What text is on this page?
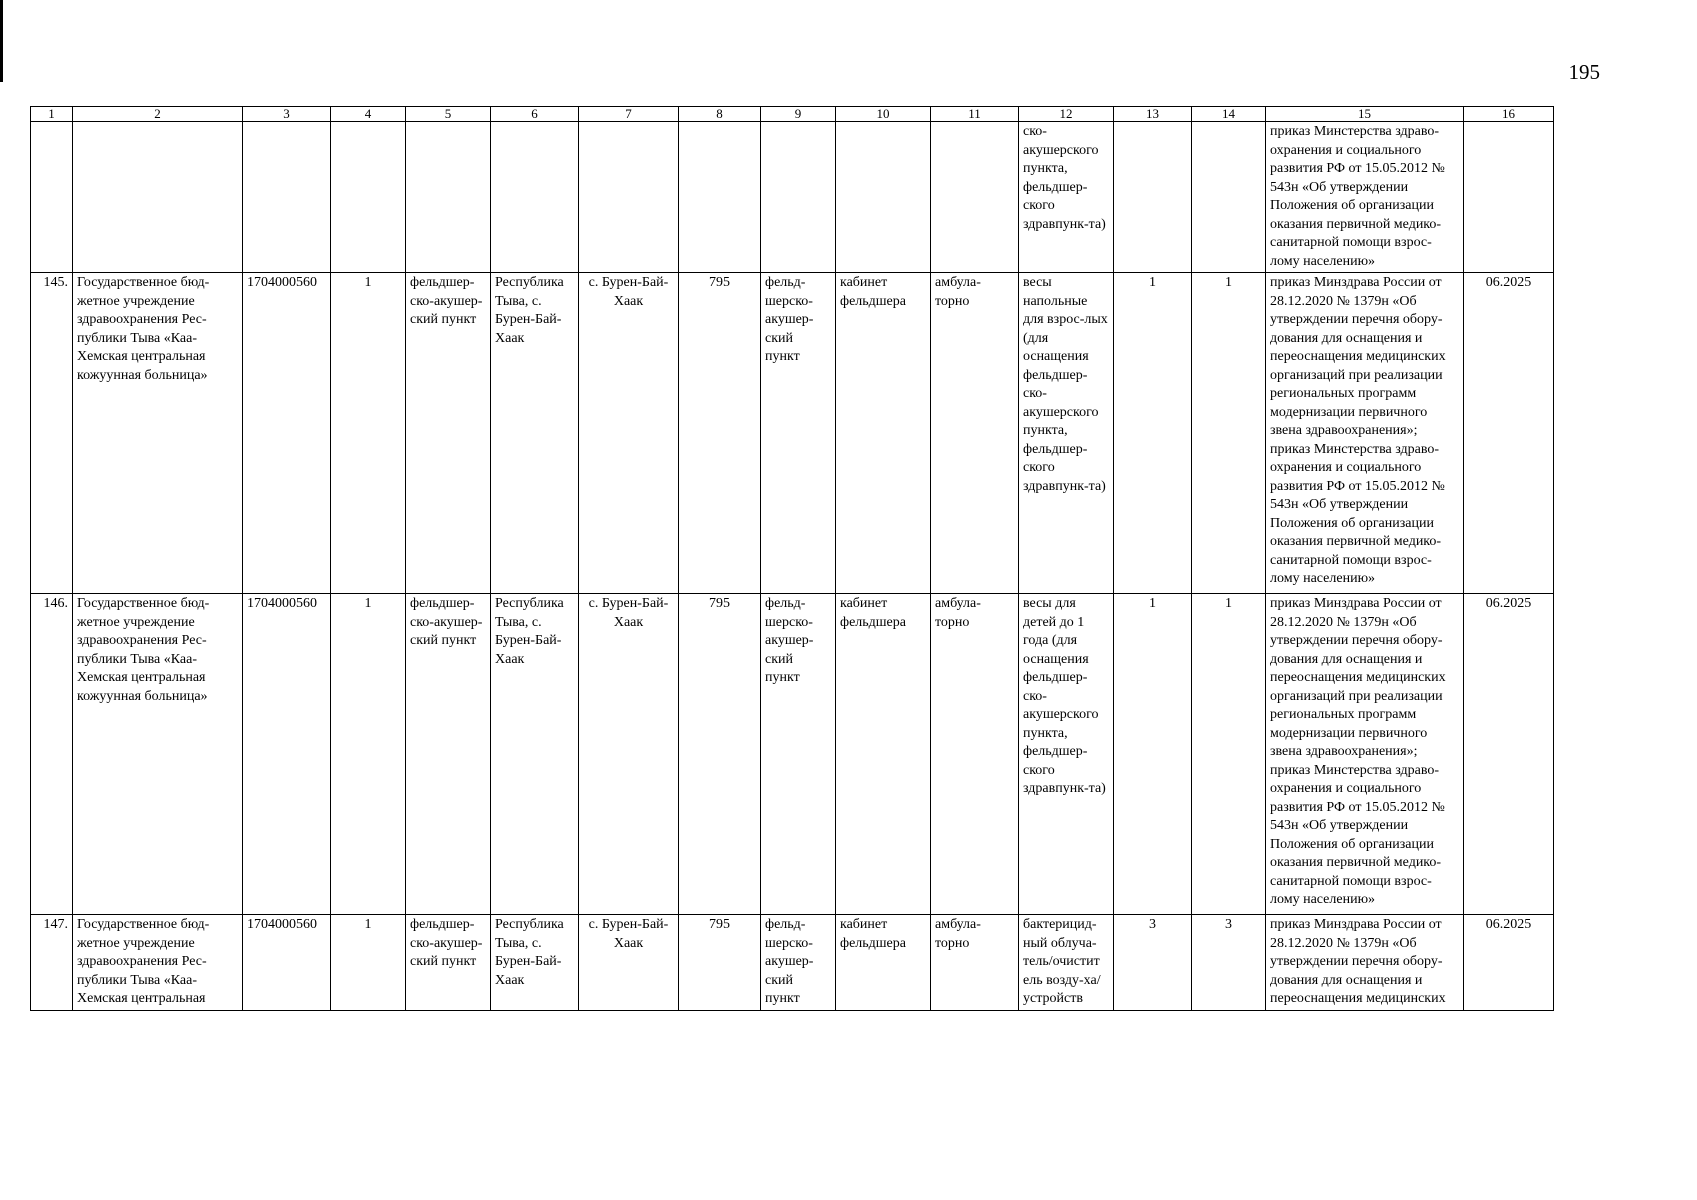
195
1	2	3	4	5	6	7	8	9	10	11	12	13	14	15	16
											ско-акушерского пункта, фельдшер-ского здравпунк-та)			приказ Минстерства здраво-охранения и социального развития РФ от 15.05.2012 № 543н «Об утверждении Положения об организации оказания первичной медико-санитарной помощи взрос-лому населению»	
145.	Государственное бюд-жетное учреждение здравоохранения Рес-публики Тыва «Каа-Хемская центральная кожуунная больница»	1704000560	1	фельдшер-ско-акушер-ский пункт	Республика Тыва, с. Бурен-Бай-Хаак	с. Бурен-Бай-Хаак	795	фельд-шерско-акушер-ский пункт	кабинет фельдшера	амбула-торно	весы напольные для взрос-лых (для оснащения фельдшер-ско-акушерского пункта, фельдшер-ского здравпунк-та)	1	1	приказ Минздрава России от 28.12.2020 № 1379н «Об утверждении перечня обору-дования для оснащения и переоснащения медицинских организаций при реализации региональных программ модернизации первичного звена здравоохранения»; приказ Минстерства здраво-охранения и социального развития РФ от 15.05.2012 № 543н «Об утверждении Положения об организации оказания первичной медико-санитарной помощи взрос-лому населению»	06.2025
146.	Государственное бюд-жетное учреждение здравоохранения Рес-публики Тыва «Каа-Хемская центральная кожуунная больница»	1704000560	1	фельдшер-ско-акушер-ский пункт	Республика Тыва, с. Бурен-Бай-Хаак	с. Бурен-Бай-Хаак	795	фельд-шерско-акушер-ский пункт	кабинет фельдшера	амбула-торно	весы для детей до 1 года (для оснащения фельдшер-ско-акушерского пункта, фельдшер-ского здравпунк-та)	1	1	приказ Минздрава России от 28.12.2020 № 1379н «Об утверждении перечня обору-дования для оснащения и переоснащения медицинских организаций при реализации региональных программ модернизации первичного звена здравоохранения»; приказ Минстерства здраво-охранения и социального развития РФ от 15.05.2012 № 543н «Об утверждении Положения об организации оказания первичной медико-санитарной помощи взрос-лому населению»	06.2025
147.	Государственное бюд-жетное учреждение здравоохранения Рес-публики Тыва «Каа-Хемская центральная	1704000560	1	фельдшер-ско-акушер-ский пункт	Республика Тыва, с. Бурен-Бай-Хаак	с. Бурен-Бай-Хаак	795	фельд-шерско-акушер-ский пункт	кабинет фельдшера	амбула-торно	бактерицид-ный облуча-тель/очистит ель возду-ха/устройств	3	3	приказ Минздрава России от 28.12.2020 № 1379н «Об утверждении перечня обору-дования для оснащения и переоснащения медицинских	06.2025
